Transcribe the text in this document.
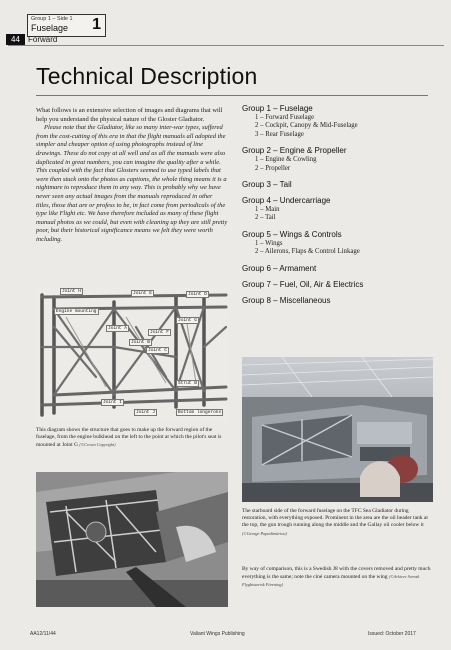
Group 1 – Side 1
Fuselage 1
44	Forward
Technical Description

What follows is an extensive selection of images and diagrams that will help you understand the physical nature of the Gloster Gladiator.

Please note that the Gladiator, like so many inter-war types, suffered from the cost-cutting of this era in that the flight manuals all adopted the simpler and cheaper option of using photographs instead of line drawings. These do not copy at all well and as all the manuals were also duplicated in great numbers, you can imagine the quality after a while. This coupled with the fact that Glosters seemed to use typed labels that were then stuck onto the photos as captions, the whole thing means it is a nightmare to reproduce them in any way. This is probably why we have never seen any actual images from the manuals reproduced in other titles, those that are or profess to be, in fact come from periodicals of the type like Flight etc. We have therefore included as many of these flight manual photos as we could, but even with cleaning up they are still pretty poor, but their historical significance means we felt they were worth including.

Group 1 – Fuselage
1 – Forward Fuselage
2 – Cockpit, Canopy & Mid-Fuselage
3 – Rear Fuselage
Group 2 – Engine & Propeller
1 – Engine & Cowling
2 – Propeller
Group 3 – Tail
Group 4 – Undercarriage
1 – Main
2 – Tail
Group 5 – Wings & Controls
1 – Wings
2 – Ailerons, Flaps & Control Linkage
Group 6 – Armament
Group 7 – Fuel, Oil, Air & Electrics
Group 8 – Miscellaneous
Joint H	Joint E	Joint D
Engine mounting
Joint G
Joint A
Joint F
Joint B
Joint C
Strut B
Joint I
Joint J	Bottom longerons
This diagram shows the structure that goes to make up the forward region of the fuselage, from the engine bulkhead on the left to the point at which the pilot's seat is mounted at Joint G (©Crown Copyright)
The starboard side of the forward fuselage on the TFC Sea Gladiator during restoration, with everything exposed. Prominent in the area are the oil header tank at the top, the gun trough running along the middle and the Gallay oil cooler below it (©George Papadimitriou)
By way of comparison, this is a Swedish J8 with the covers removed and pretty much everything is the same; note the ciné camera mounted on the wing (©Arkiver Svensk Flyghistorisk Förening)
AA12/11/44	Valiant Wings Publishing	Issued: October 2017
